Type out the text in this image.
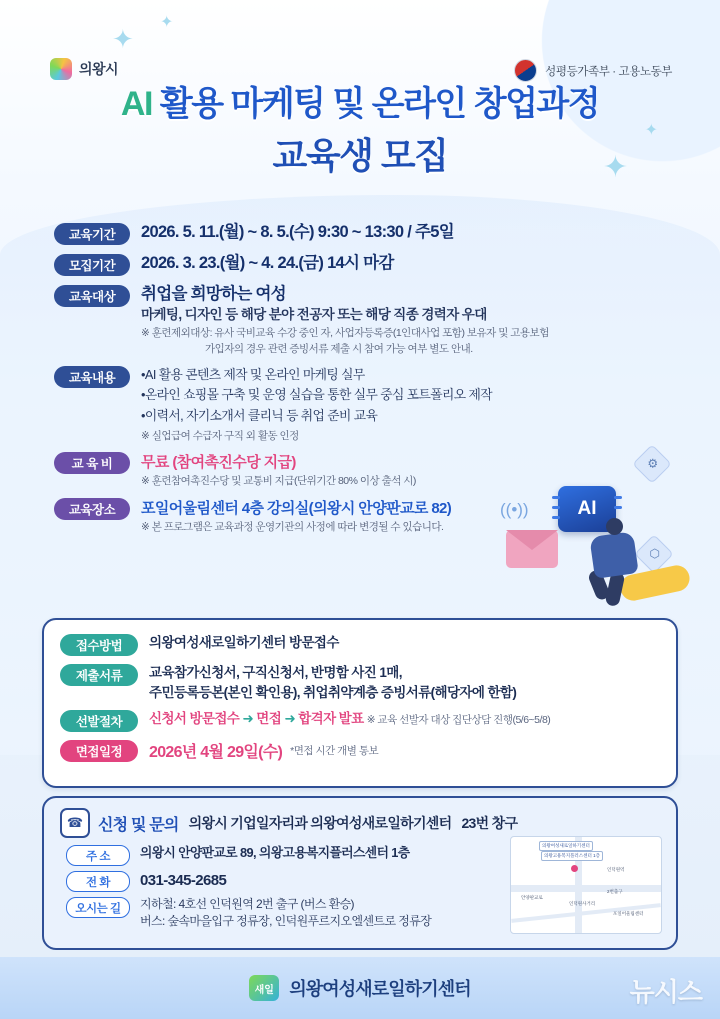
의왕시	성평등가족부 · 고용노동부
✦
✦
✦
✦
AI 활용 마케팅 및 온라인 창업과정
교육생 모집
교육기간	2026. 5. 11.(월) ~ 8. 5.(수) 9:30 ~ 13:30 / 주5일
모집기간	2026. 3. 23.(월) ~ 4. 24.(금) 14시 마감
교육대상	취업을 희망하는 여성
마케팅, 디자인 등 해당 분야 전공자 또는 해당 직종 경력자 우대
※ 훈련제외대상: 유사 국비교육 수강 중인 자, 사업자등록증(1인대사업 포함) 보유자 및 고용보험
가입자의 경우 관련 증빙서류 제출 시 참여 가능 여부 별도 안내.
교육내용	•AI 활용 콘텐츠 제작 및 온라인 마케팅 실무
•온라인 쇼핑몰 구축 및 운영 실습을 통한 실무 중심 포트폴리오 제작
•이력서, 자기소개서 클리닉 등 취업 준비 교육
※ 실업급여 수급자 구직 외 활동 인정
교 육 비	무료 (참여촉진수당 지급)
※ 훈련참여촉진수당 및 교통비 지급(단위기간 80% 이상 출석 시)
교육장소	포일어울림센터 4층 강의실(의왕시 안양판교로 82)
※ 본 프로그램은 교육과정 운영기관의 사정에 따라 변경될 수 있습니다.
⚙
⬡
((•))	AI
접수방법	의왕여성새로일하기센터 방문접수
제출서류	교육참가신청서, 구직신청서, 반명함 사진 1매,
주민등록등본(본인 확인용), 취업취약계층 증빙서류(해당자에 한함)
선발절차	신청서 방문접수 ➜ 면접 ➜ 합격자 발표 ※ 교육 선발자 대상 집단상담 진행(5/6~5/8)
면접일정	2026년 4월 29일(수) *면접 시간 개별 통보
☎ 신청 및 문의 의왕시 기업일자리과 의왕여성새로일하기센터 23번 창구
주 소	의왕시 안양판교로 89, 의왕고용복지플러스센터 1층
전 화	031-345-2685
오시는 길	지하철: 4호선 인덕원역 2번 출구 (버스 환승)
버스: 숲속마을입구 정류장, 인덕원푸르지오엘센트로 정류장
의왕여성새로일하기센터
의왕고용복지플러스센터 1층
인덕원역
안양판교로
인덕원사거리
포일어울림센터
2번출구
새일 의왕여성새로일하기센터	뉴시스
